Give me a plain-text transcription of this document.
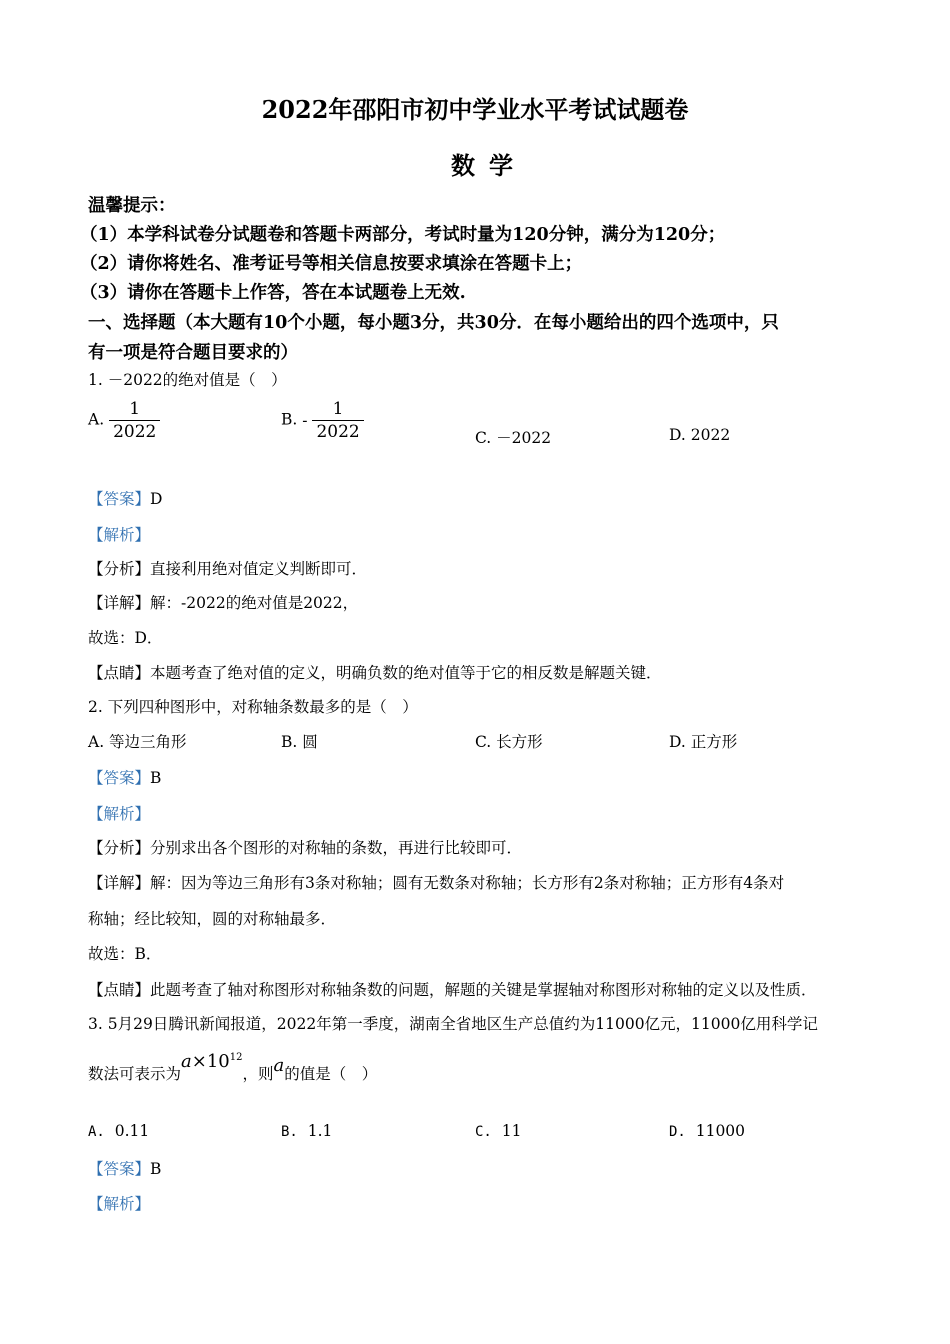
2022年邵阳市初中学业水平考试试题卷
数学
温馨提示：
（1）本学科试卷分试题卷和答题卡两部分，考试时量为120分钟，满分为120分；
（2）请你将姓名、准考证号等相关信息按要求填涂在答题卡上；
（3）请你在答题卡上作答，答在本试题卷上无效.
一、选择题（本大题有10个小题，每小题3分，共30分．在每小题给出的四个选项中，只
有一项是符合题目要求的）
1. －2022的绝对值是（　）
A. $\frac{1}{2022}$	B. - $\frac{1}{2022}$	C. －2022	D. 2022
【答案】D
【解析】
【分析】直接利用绝对值定义判断即可．
【详解】解：-2022的绝对值是2022，
故选：D．
【点睛】本题考查了绝对值的定义，明确负数的绝对值等于它的相反数是解题关键．
2. 下列四种图形中，对称轴条数最多的是（　）
A. 等边三角形	B. 圆	C. 长方形	D. 正方形
【答案】B
【解析】
【分析】分别求出各个图形的对称轴的条数，再进行比较即可．
【详解】解：因为等边三角形有3条对称轴；圆有无数条对称轴；长方形有2条对称轴；正方形有4条对
称轴；经比较知，圆的对称轴最多．
故选：B．
【点睛】此题考查了轴对称图形对称轴条数的问题，解题的关键是掌握轴对称图形对称轴的定义以及性质．
3. 5月29日腾讯新闻报道，2022年第一季度，湖南全省地区生产总值约为11000亿元，11000亿用科学记
数法可表示为$a\times 10^{12}$，则a的值是（　）
A. 0.11	B. 1.1	C. 11	D. 11000
【答案】B
【解析】
